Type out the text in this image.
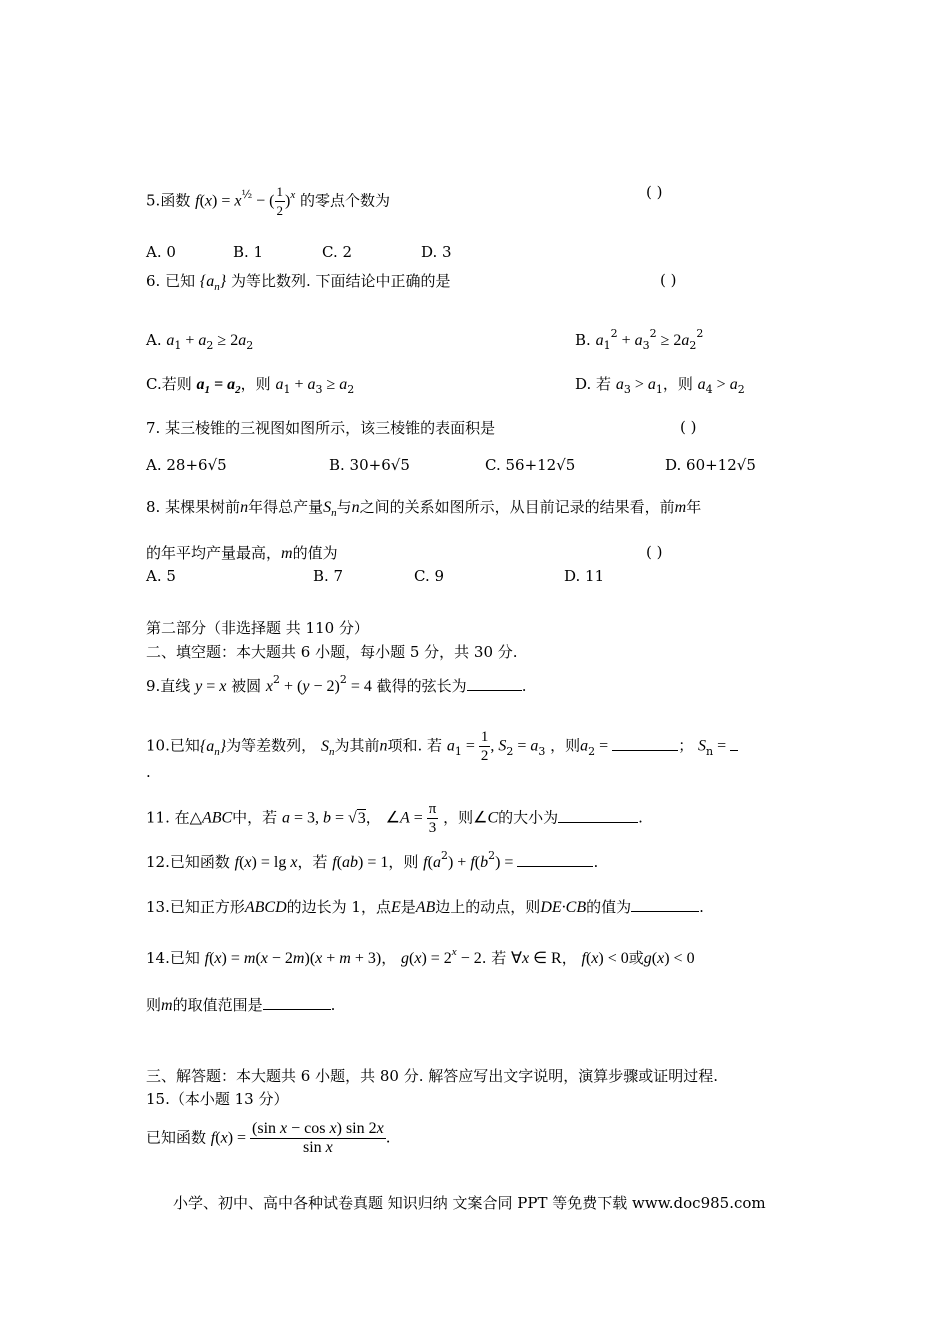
5.函数 $f(x) = x^{\frac{1}{2}}$ − ( $\frac{1}{2} )^x$ 的零点个数为	( )
A. 0	B. 1	C. 2	D. 3
6. 已知 $\{a_n\}$ 为等比数列. 下面结论中正确的是	( )
A. $a_1 + a_2 \ge 2a_2$	B. $a_1^2 + a_3^2 \ge 2a_2^2$
C.若则 $a_1 = a_2$，则 $a_1 + a_3 \ge a_2$	D. 若 $a_3 > a_1$，则 $a_4 > a_2$
7. 某三棱锥的三视图如图所示，该三棱锥的表面积是	( )
A. 28+6√5	B. 30+6√5	C. 56+12√5	D. 60+12√5
8. 某棵果树前n年得总产量$S_n$与n之间的关系如图所示，从目前记录的结果看，前m年
的年平均产量最高，m的值为	( )
A. 5	B. 7	C. 9	D. 11
第二部分（非选择题 共 110 分）
二、填空题：本大题共 6 小题，每小题 5 分，共 30 分.
9.直线 y = x 被圆 $x^2 + (y - 2)^2 = 4$ 截得的弦长为	.
10.已知$\{a_n\}$为等差数列， $S_n$为其前n项和. 若 $a_1 = \frac{1}{2}$ , $S_2 = a_3$ ，则$a_2$ =	； $S_n$ =
.
11. 在△ABC中，若 a = 3, b = √3， ∠A = $\frac{\pi}{3}$ ，则∠C的大小为	.
12.已知函数 f(x) = lg x，若 f(ab) = 1，则 $f(a^2) + f(b^2)$ =	.
13.已知正方形ABCD的边长为 1，点E是AB边上的动点，则DE·CB的值为	.
14.已知 f(x) = m(x − 2m)(x + m + 3)， $g(x) = 2^x - 2$. 若 ∀x ∈ R， f(x) < 0或g(x) < 0
则m的取值范围是	.
三、解答题：本大题共 6 小题，共 80 分. 解答应写出文字说明，演算步骤或证明过程.
15.（本小题 13 分）
已知函数 $f(x) = \frac{\text{(sin x − cos x) sin 2x}}{\text{sin x}}$ .
小学、初中、高中各种试卷真题 知识归纳 文案合同 PPT 等免费下载 www.doc985.com
